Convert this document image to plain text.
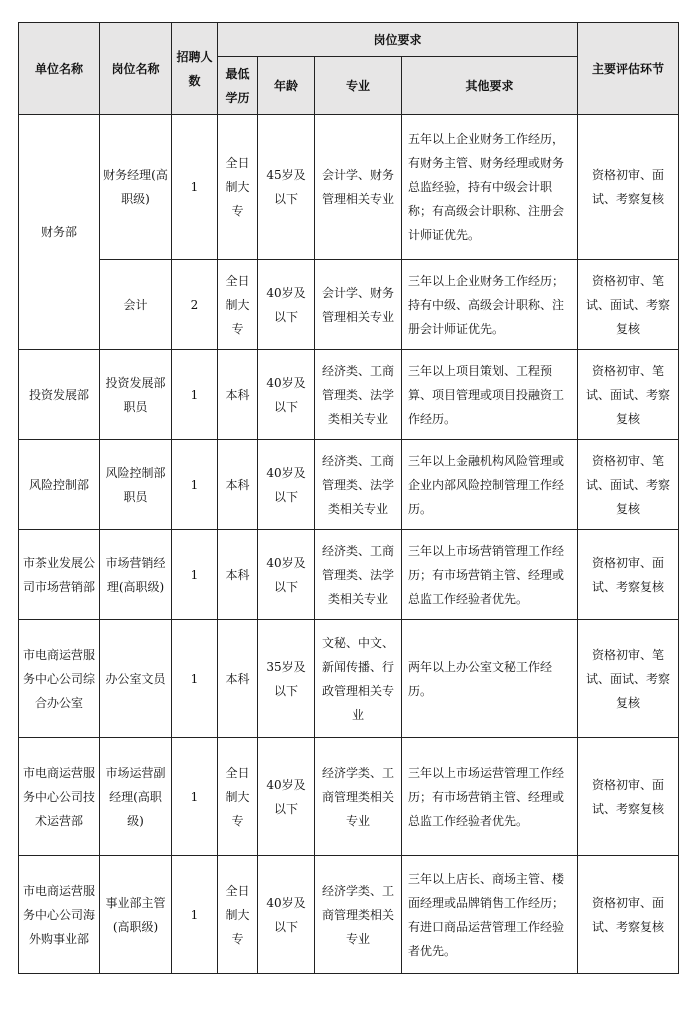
单位名称	岗位名称	招聘人数	岗位要求				主要评估环节
			最低学历	年龄	专业	其他要求	
财务部	财务经理(高职级)	1	全日制大专	45岁及以下	会计学、财务管理相关专业	五年以上企业财务工作经历，有财务主管、财务经理或财务总监经验，持有中级会计职称；有高级会计职称、注册会计师证优先。	资格初审、面试、考察复核
	会计	2	全日制大专	40岁及以下	会计学、财务管理相关专业	三年以上企业财务工作经历；持有中级、高级会计职称、注册会计师证优先。	资格初审、笔试、面试、考察复核
投资发展部	投资发展部职员	1	本科	40岁及以下	经济类、工商管理类、法学类相关专业	三年以上项目策划、工程预算、项目管理或项目投融资工作经历。	资格初审、笔试、面试、考察复核
风险控制部	风险控制部职员	1	本科	40岁及以下	经济类、工商管理类、法学类相关专业	三年以上金融机构风险管理或企业内部风险控制管理工作经历。	资格初审、笔试、面试、考察复核
市茶业发展公司市场营销部	市场营销经理(高职级)	1	本科	40岁及以下	经济类、工商管理类、法学类相关专业	三年以上市场营销管理工作经历；有市场营销主管、经理或总监工作经验者优先。	资格初审、面试、考察复核
市电商运营服务中心公司综合办公室	办公室文员	1	本科	35岁及以下	文秘、中文、新闻传播、行政管理相关专业	两年以上办公室文秘工作经历。	资格初审、笔试、面试、考察复核
市电商运营服务中心公司技术运营部	市场运营副经理(高职级)	1	全日制大专	40岁及以下	经济学类、工商管理类相关专业	三年以上市场运营管理工作经历；有市场营销主管、经理或总监工作经验者优先。	资格初审、面试、考察复核
市电商运营服务中心公司海外购事业部	事业部主管(高职级)	1	全日制大专	40岁及以下	经济学类、工商管理类相关专业	三年以上店长、商场主管、楼面经理或品牌销售工作经历；有进口商品运营管理工作经验者优先。	资格初审、面试、考察复核
